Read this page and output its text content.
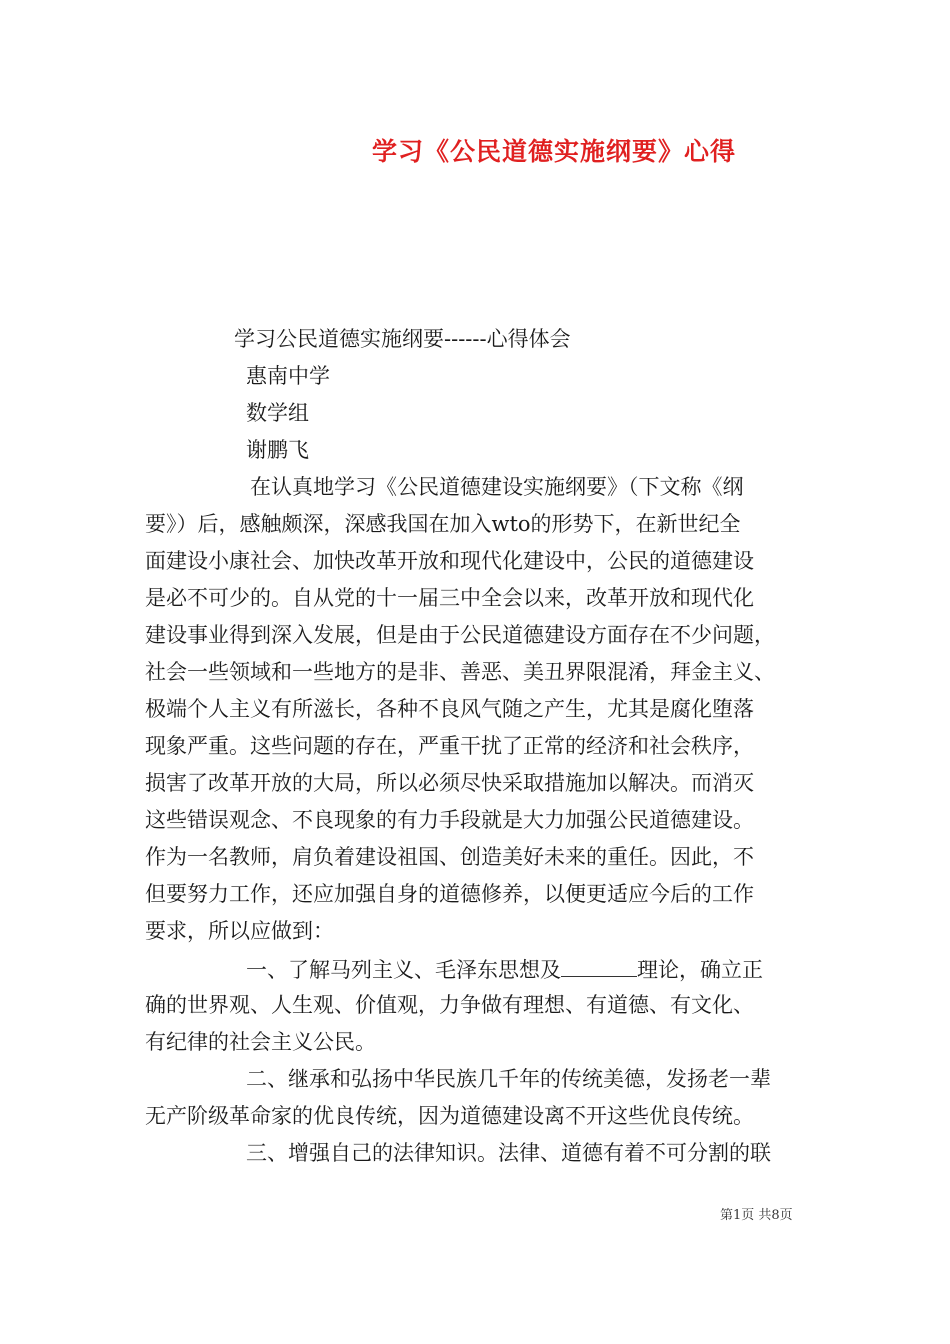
学习《公民道德实施纲要》心得
学习公民道德实施纲要------心得体会
惠南中学
数学组
谢鹏飞
在认真地学习《公民道德建设实施纲要》（下文称《纲
要》）后，感触颇深，深感我国在加入wto的形势下，在新世纪全
面建设小康社会、加快改革开放和现代化建设中，公民的道德建设
是必不可少的。自从党的十一届三中全会以来，改革开放和现代化
建设事业得到深入发展，但是由于公民道德建设方面存在不少问题，
社会一些领域和一些地方的是非、善恶、美丑界限混淆，拜金主义、
极端个人主义有所滋长，各种不良风气随之产生，尤其是腐化堕落
现象严重。这些问题的存在，严重干扰了正常的经济和社会秩序，
损害了改革开放的大局，所以必须尽快采取措施加以解决。而消灭
这些错误观念、不良现象的有力手段就是大力加强公民道德建设。
作为一名教师，肩负着建设祖国、创造美好未来的重任。因此，不
但要努力工作，还应加强自身的道德修养，以便更适应今后的工作
要求，所以应做到：
一、了解马列主义、毛泽东思想及	理论，确立正
确的世界观、人生观、价值观，力争做有理想、有道德、有文化、
有纪律的社会主义公民。
二、继承和弘扬中华民族几千年的传统美德，发扬老一辈
无产阶级革命家的优良传统，因为道德建设离不开这些优良传统。
三、增强自己的法律知识。法律、道德有着不可分割的联
第1页 共8页
